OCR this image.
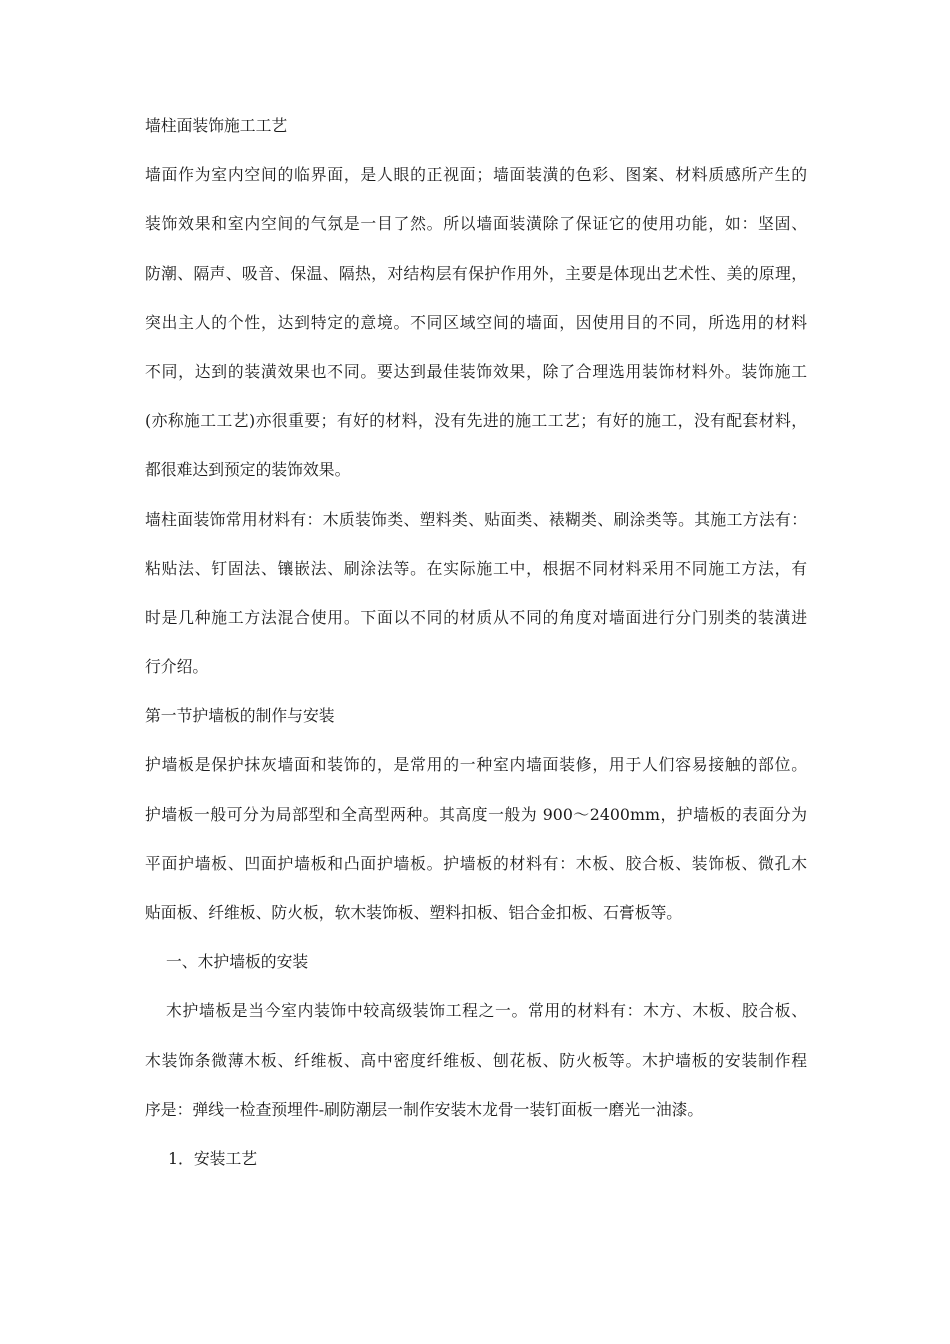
墙柱面装饰施工工艺
墙面作为室内空间的临界面，是人眼的正视面；墙面装潢的色彩、图案、材料质感所产生的
装饰效果和室内空间的气氛是一目了然。所以墙面装潢除了保证它的使用功能，如：坚固、
防潮、隔声、吸音、保温、隔热，对结构层有保护作用外，主要是体现出艺术性、美的原理，
突出主人的个性，达到特定的意境。不同区域空间的墙面，因使用目的不同，所选用的材料
不同，达到的装潢效果也不同。要达到最佳装饰效果，除了合理选用装饰材料外。装饰施工
(亦称施工工艺)亦很重要；有好的材料，没有先进的施工工艺；有好的施工，没有配套材料，
都很难达到预定的装饰效果。
墙柱面装饰常用材料有：木质装饰类、塑料类、贴面类、裱糊类、刷涂类等。其施工方法有：
粘贴法、钉固法、镶嵌法、刷涂法等。在实际施工中，根据不同材料采用不同施工方法，有
时是几种施工方法混合使用。下面以不同的材质从不同的角度对墙面进行分门别类的装潢进
行介绍。
第一节护墙板的制作与安装
护墙板是保护抹灰墙面和装饰的，是常用的一种室内墙面装修，用于人们容易接触的部位。
护墙板一般可分为局部型和全高型两种。其高度一般为 900～2400mm，护墙板的表面分为
平面护墙板、凹面护墙板和凸面护墙板。护墙板的材料有：木板、胶合板、装饰板、微孔木
贴面板、纤维板、防火板，软木装饰板、塑料扣板、铝合金扣板、石膏板等。
一、木护墙板的安装
木护墙板是当今室内装饰中较高级装饰工程之一。常用的材料有：木方、木板、胶合板、
木装饰条微薄木板、纤维板、高中密度纤维板、刨花板、防火板等。木护墙板的安装制作程
序是：弹线一检查预埋件-刷防潮层一制作安装木龙骨一装钉面板一磨光一油漆。
1．安装工艺
